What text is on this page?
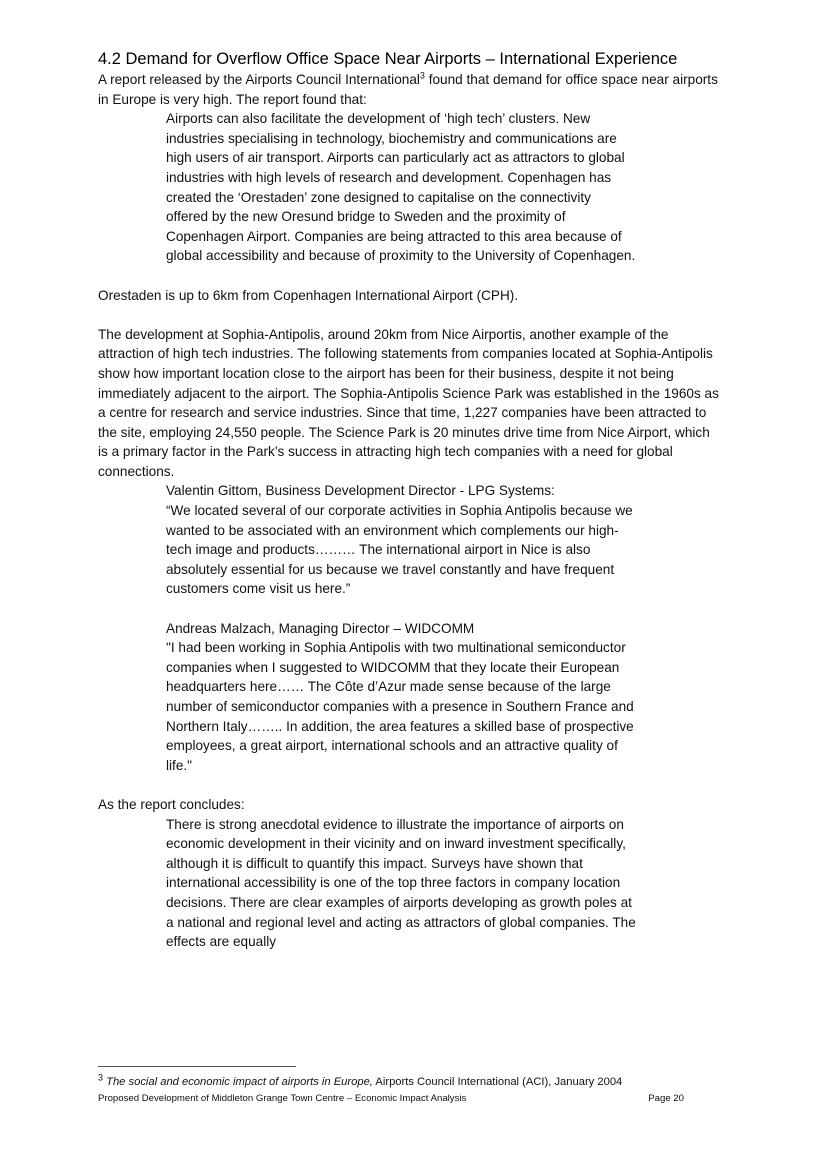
4.2 Demand for Overflow Office Space Near Airports – International Experience

A report released by the Airports Council International$^3$ found that demand for office space near airports in Europe is very high. The report found that:

Airports can also facilitate the development of ‘high tech’ clusters. New industries specialising in technology, biochemistry and communications are high users of air transport. Airports can particularly act as attractors to global industries with high levels of research and development. Copenhagen has created the ‘Orestaden’ zone designed to capitalise on the connectivity offered by the new Oresund bridge to Sweden and the proximity of Copenhagen Airport. Companies are being attracted to this area because of global accessibility and because of proximity to the University of Copenhagen.

Orestaden is up to 6km from Copenhagen International Airport (CPH).

The development at Sophia-Antipolis, around 20km from Nice Airportis, another example of the attraction of high tech industries. The following statements from companies located at Sophia-Antipolis show how important location close to the airport has been for their business, despite it not being immediately adjacent to the airport. The Sophia-Antipolis Science Park was established in the 1960s as a centre for research and service industries. Since that time, 1,227 companies have been attracted to the site, employing 24,550 people. The Science Park is 20 minutes drive time from Nice Airport, which is a primary factor in the Park’s success in attracting high tech companies with a need for global connections.

Valentin Gittom, Business Development Director - LPG Systems:

“We located several of our corporate activities in Sophia Antipolis because we wanted to be associated with an environment which complements our high-tech image and products……… The international airport in Nice is also absolutely essential for us because we travel constantly and have frequent customers come visit us here.”

Andreas Malzach, Managing Director – WIDCOMM

"I had been working in Sophia Antipolis with two multinational semiconductor companies when I suggested to WIDCOMM that they locate their European headquarters here…… The Côte d’Azur made sense because of the large number of semiconductor companies with a presence in Southern France and Northern Italy…….. In addition, the area features a skilled base of prospective employees, a great airport, international schools and an attractive quality of life."

As the report concludes:

There is strong anecdotal evidence to illustrate the importance of airports on economic development in their vicinity and on inward investment specifically, although it is difficult to quantify this impact. Surveys have shown that international accessibility is one of the top three factors in company location decisions. There are clear examples of airports developing as growth poles at a national and regional level and acting as attractors of global companies. The effects are equally

$^3$ The social and economic impact of airports in Europe, Airports Council International (ACI), January 2004

Proposed Development of Middleton Grange Town Centre – Economic Impact Analysis	Page 20
